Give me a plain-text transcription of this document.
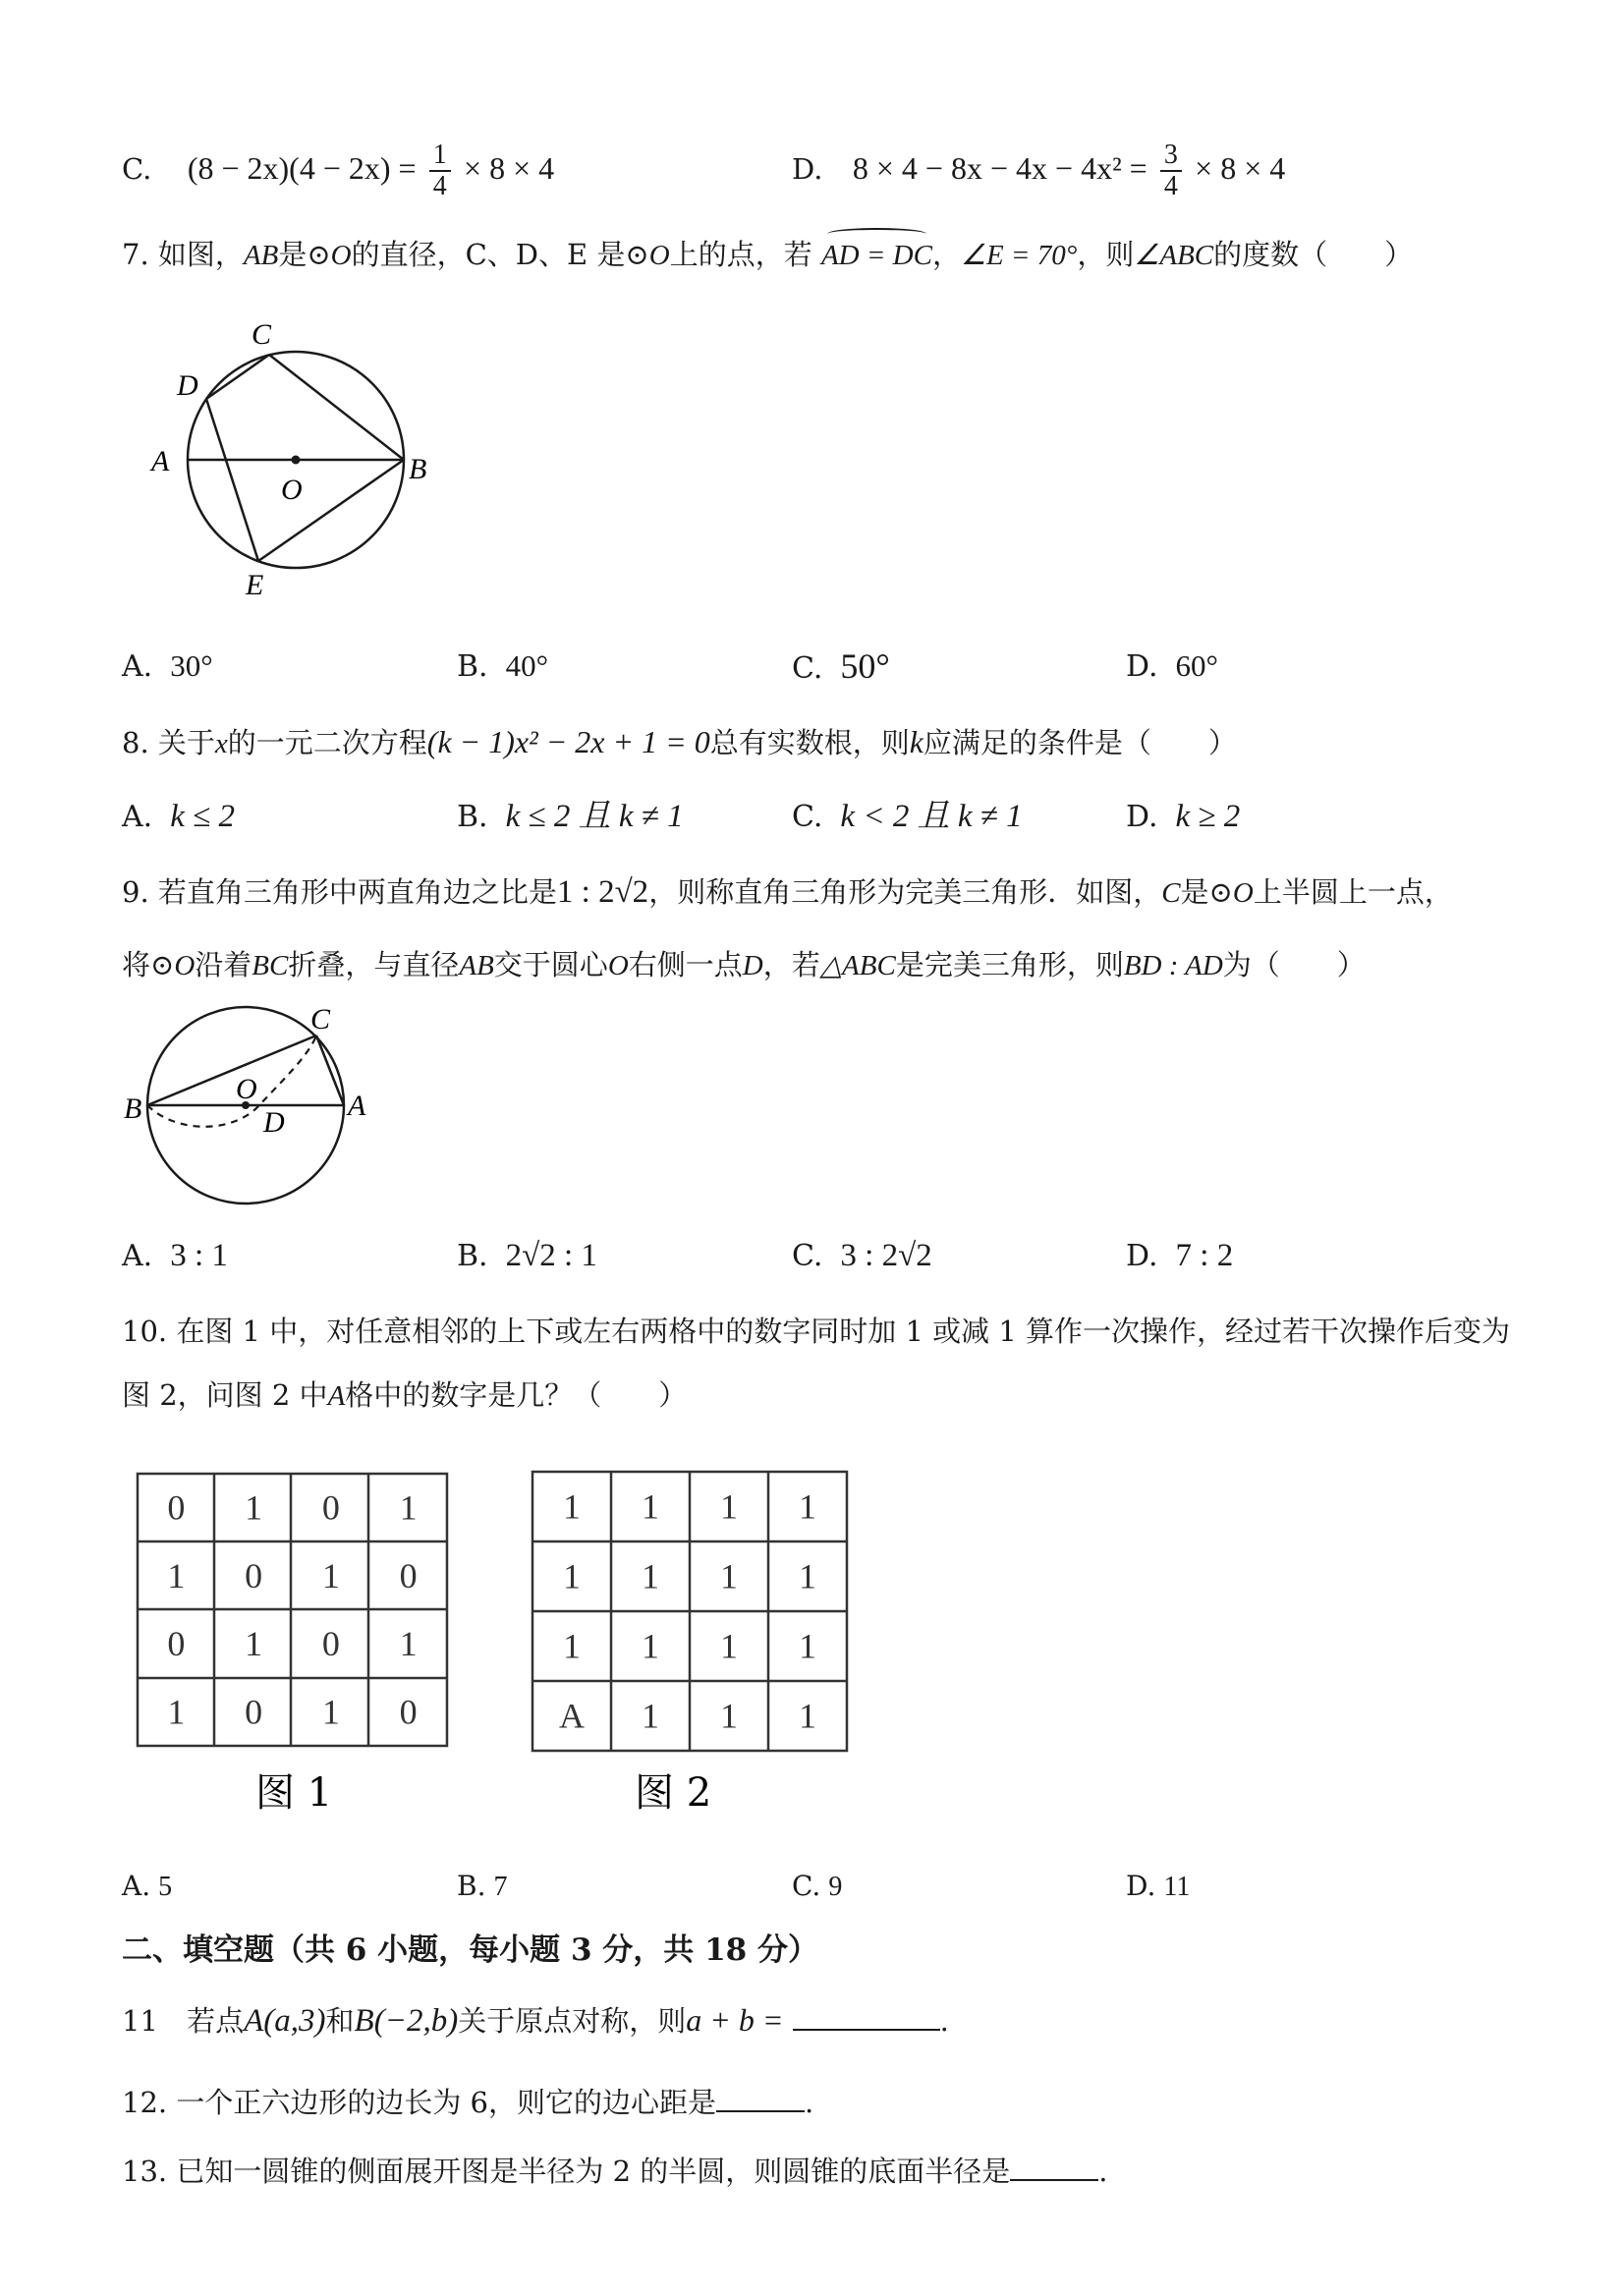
C. $(8 - 2x)(4 - 2x) = \frac{1}{4} \times 8 \times 4$	D. $8 \times 4 - 8x - 4x - 4x^2 = \frac{3}{4} \times 8 \times 4$
7. 如图，AB是⊙O的直径，C、D、E 是⊙O上的点，若 AD = DC，∠E = 70°，则∠ABC的度数（　　）
A	B
C
D
E
O
A. 30°	B. 40°	C. 50°	D. 60°
8. 关于x的一元二次方程(k − 1)x² − 2x + 1 = 0总有实数根，则k应满足的条件是（　　）
A. k ≤ 2	B. k ≤ 2 且 k ≠ 1	C. k < 2 且 k ≠ 1	D. k ≥ 2
9. 若直角三角形中两直角边之比是1 : 2√2，则称直角三角形为完美三角形．如图，C是⊙O上半圆上一点，
将⊙O沿着BC折叠，与直径AB交于圆心O右侧一点D，若△ABC是完美三角形，则BD : AD为（　　）
B	A
C
O
D
A. 3 : 1	B. 2√2 : 1	C. 3 : 2√2	D. 7 : 2
10. 在图 1 中，对任意相邻的上下或左右两格中的数字同时加 1 或减 1 算作一次操作，经过若干次操作后变为
图 2，问图 2 中A格中的数字是几？（　　）
0 1 0 1
1 0 1 0
0 1 0 1
1 0 1 0
图 1
1 1 1 1
1 1 1 1
1 1 1 1
A 1 1 1
图 2
A. 5	B. 7	C. 9	D. 11
二、填空题（共 6 小题，每小题 3 分，共 18 分）
11 若点A(a,3)和B(−2,b)关于原点对称，则a + b =	.
12. 一个正六边形的边长为 6，则它的边心距是	.
13. 已知一圆锥的侧面展开图是半径为 2 的半圆，则圆锥的底面半径是	.
